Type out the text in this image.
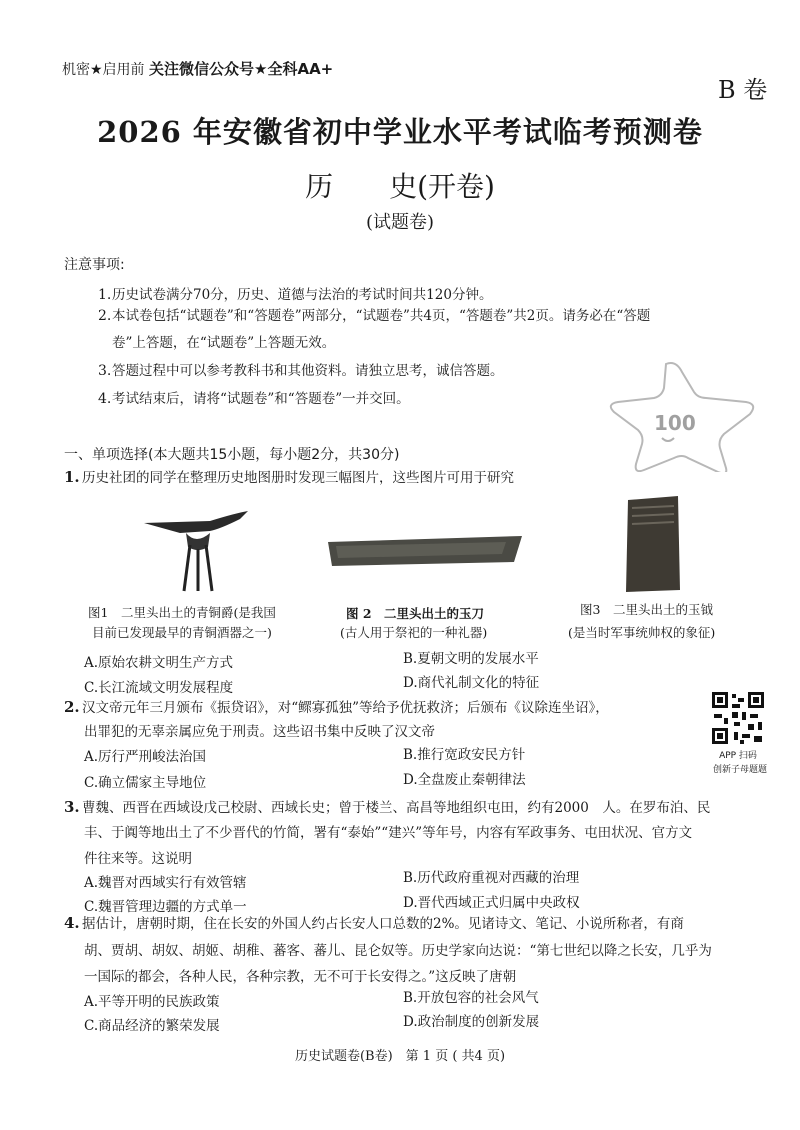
机密★启用前 关注微信公众号★全科AA+
B 卷
2026 年安徽省初中学业水平考试临考预测卷
历　　史(开卷)
(试题卷)
注意事项:
1.历史试卷满分70分，历史、道德与法治的考试时间共120分钟。
2.本试卷包括“试题卷”和“答题卷”两部分，“试题卷”共4页，“答题卷”共2页。请务必在“答题
卷”上答题，在“试题卷”上答题无效。
3.答题过程中可以参考教科书和其他资料。请独立思考，诚信答题。
4.考试结束后，请将“试题卷”和“答题卷”一并交回。
100
一、单项选择(本大题共15小题，每小题2分，共30分)
1. 历史社团的同学在整理历史地图册时发现三幅图片，这些图片可用于研究
图1　二里头出土的青铜爵(是我国
目前已发现最早的青铜酒器之一)
图 2　二里头出土的玉刀
(古人用于祭祀的一种礼器)
图3　二里头出土的玉钺
(是当时军事统帅权的象征)
A.原始农耕文明生产方式	B.夏朝文明的发展水平
C.长江流域文明发展程度	D.商代礼制文化的特征
2. 汉文帝元年三月颁布《振贷诏》，对“鳏寡孤独”等给予优抚救济；后颁布《议除连坐诏》，
出罪犯的无辜亲属应免于刑责。这些诏书集中反映了汉文帝
A.厉行严刑峻法治国	B.推行宽政安民方针
C.确立儒家主导地位	D.全盘废止秦朝律法
APP 扫码
创新子母题题
3. 曹魏、西晋在西域设戊己校尉、西域长史；曾于楼兰、高昌等地组织屯田，约有2000　人。在罗布泊、民
丰、于阗等地出土了不少晋代的竹简，署有“泰始”“建兴”等年号，内容有军政事务、屯田状况、官方文
件往来等。这说明
A.魏晋对西域实行有效管辖	B.历代政府重视对西藏的治理
C.魏晋管理边疆的方式单一	D.晋代西域正式归属中央政权
4. 据估计，唐朝时期，住在长安的外国人约占长安人口总数的2%。见诸诗文、笔记、小说所称者，有商
胡、贾胡、胡奴、胡姬、胡稚、蕃客、蕃儿、昆仑奴等。历史学家向达说：“第七世纪以降之长安，几乎为
一国际的都会，各种人民，各种宗教，无不可于长安得之。”这反映了唐朝
A.平等开明的民族政策	B.开放包容的社会风气
C.商品经济的繁荣发展	D.政治制度的创新发展
历史试题卷(B卷)　第 1 页 ( 共4 页)
